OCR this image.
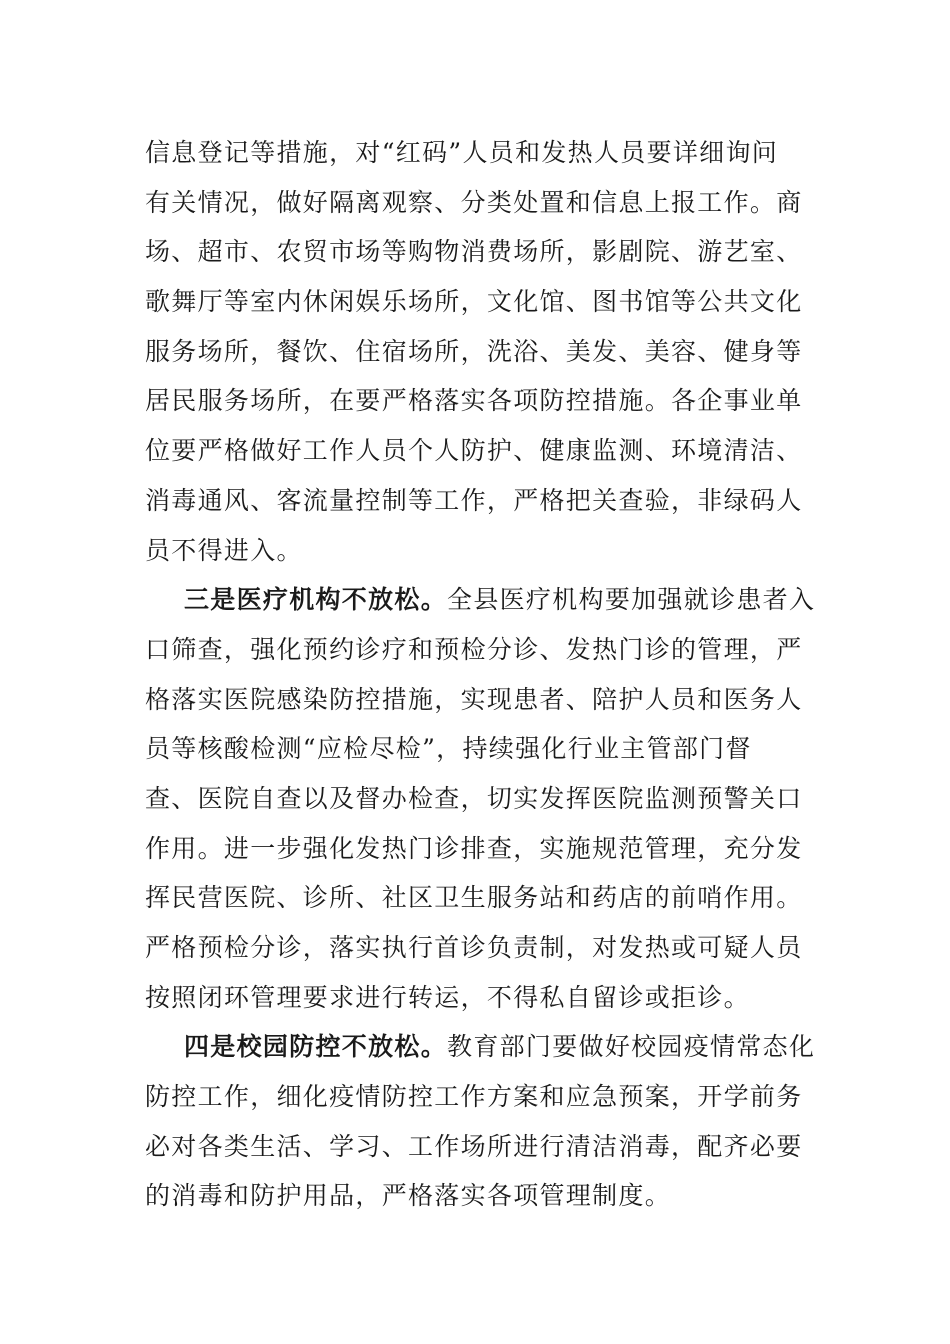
信息登记等措施，对“红码”人员和发热人员要详细询问
有关情况，做好隔离观察、分类处置和信息上报工作。商
场、超市、农贸市场等购物消费场所，影剧院、游艺室、
歌舞厅等室内休闲娱乐场所，文化馆、图书馆等公共文化
服务场所，餐饮、住宿场所，洗浴、美发、美容、健身等
居民服务场所，在要严格落实各项防控措施。各企事业单
位要严格做好工作人员个人防护、健康监测、环境清洁、
消毒通风、客流量控制等工作，严格把关查验，非绿码人
员不得进入。
三是医疗机构不放松。全县医疗机构要加强就诊患者入
口筛查，强化预约诊疗和预检分诊、发热门诊的管理，严
格落实医院感染防控措施，实现患者、陪护人员和医务人
员等核酸检测“应检尽检”，持续强化行业主管部门督
查、医院自查以及督办检查，切实发挥医院监测预警关口
作用。进一步强化发热门诊排查，实施规范管理，充分发
挥民营医院、诊所、社区卫生服务站和药店的前哨作用。
严格预检分诊，落实执行首诊负责制，对发热或可疑人员
按照闭环管理要求进行转运，不得私自留诊或拒诊。
四是校园防控不放松。教育部门要做好校园疫情常态化
防控工作，细化疫情防控工作方案和应急预案，开学前务
必对各类生活、学习、工作场所进行清洁消毒，配齐必要
的消毒和防护用品，严格落实各项管理制度。
